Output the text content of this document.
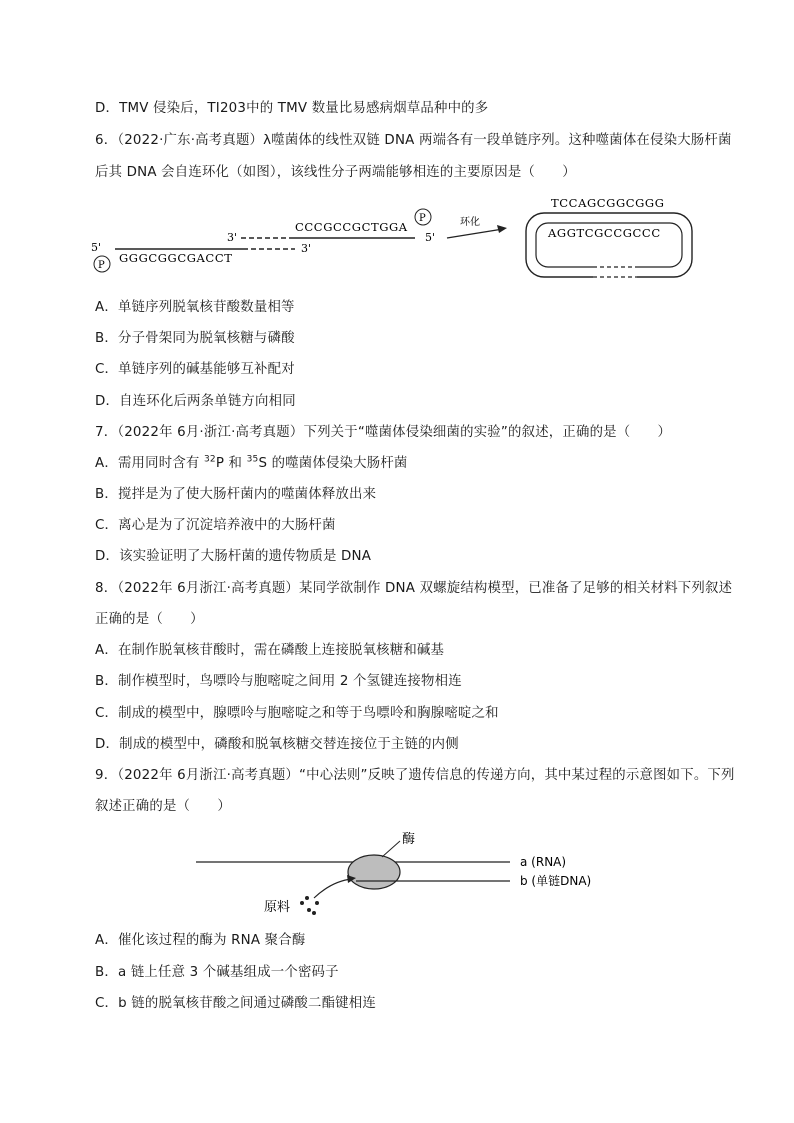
D．TMV 侵染后，TI203中的 TMV 数量比易感病烟草品种中的多
6．（2022·广东·高考真题）λ噬菌体的线性双链 DNA 两端各有一段单链序列。这种噬菌体在侵染大肠杆菌
后其 DNA 会自连环化（如图），该线性分子两端能够相连的主要原因是（　　）
3'
CCCGCCGCTGGA
P
5'
5'	3'
GGGCGGCGACCT
P
环化
TCCAGCGGCGGG
AGGTCGCCGCCC
A．单链序列脱氧核苷酸数量相等
B．分子骨架同为脱氧核糖与磷酸
C．单链序列的碱基能够互补配对
D．自连环化后两条单链方向相同
7．（2022年 6月·浙江·高考真题）下列关于“噬菌体侵染细菌的实验”的叙述，正确的是（　　）
A．需用同时含有 $^{32}$P 和 $^{35}$S 的噬菌体侵染大肠杆菌
B．搅拌是为了使大肠杆菌内的噬菌体释放出来
C．离心是为了沉淀培养液中的大肠杆菌
D．该实验证明了大肠杆菌的遗传物质是 DNA
8．（2022年 6月浙江·高考真题）某同学欲制作 DNA 双螺旋结构模型，已准备了足够的相关材料下列叙述
正确的是（　　）
A．在制作脱氧核苷酸时，需在磷酸上连接脱氧核糖和碱基
B．制作模型时，鸟嘌呤与胞嘧啶之间用 2 个氢键连接物相连
C．制成的模型中，腺嘌呤与胞嘧啶之和等于鸟嘌呤和胸腺嘧啶之和
D．制成的模型中，磷酸和脱氧核糖交替连接位于主链的内侧
9．（2022年 6月浙江·高考真题）“中心法则”反映了遗传信息的传递方向，其中某过程的示意图如下。下列
叙述正确的是（　　）
a (RNA)
b (单链DNA)
酶
原料
A．催化该过程的酶为 RNA 聚合酶
B．a 链上任意 3 个碱基组成一个密码子
C．b 链的脱氧核苷酸之间通过磷酸二酯键相连
